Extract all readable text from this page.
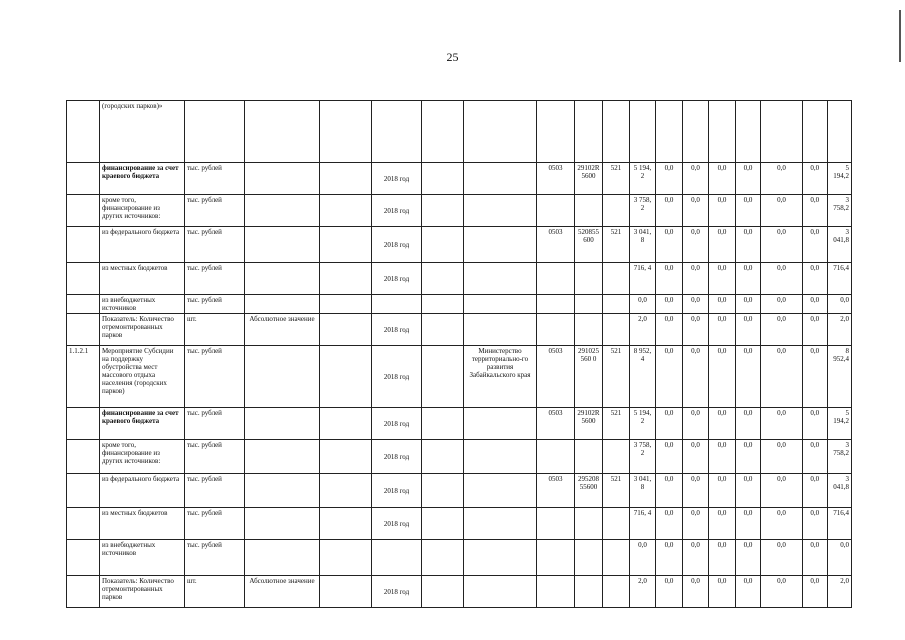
25
	(городских парков)»																	
	финансирование за счет краевого бюджета	тыс. рублей			2018 год			0503	29102R5600	521	5 194, 2	0,0	0,0	0,0	0,0	0,0	0,0	5 194,2
	кроме того, финансирование из других источников:	тыс. рублей			2018 год						3 758, 2	0,0	0,0	0,0	0,0	0,0	0,0	3 758,2
	из федерального бюджета	тыс. рублей			2018 год			0503	520855600	521	3 041, 8	0,0	0,0	0,0	0,0	0,0	0,0	3 041,8
	из местных бюджетов	тыс. рублей			2018 год						716, 4	0,0	0,0	0,0	0,0	0,0	0,0	716,4
	из внебюджетных источников	тыс. рублей									0,0	0,0	0,0	0,0	0,0	0,0	0,0	0,0
	Показатель: Количество отремонтированных парков	шт.	Абсолютное значение		2018 год						2,0	0,0	0,0	0,0	0,0	0,0	0,0	2,0
1.1.2.1	Мероприятие Субсидии на поддержку обустройства мест массового отдыха населения (городских парков)	тыс. рублей			2018 год		Министерство территориально-го развития Забайкальского края	0503	291025560 0	521	8 952, 4	0,0	0,0	0,0	0,0	0,0	0,0	8 952,4
	финансирование за счет краевого бюджета	тыс. рублей			2018 год			0503	29102R5600	521	5 194, 2	0,0	0,0	0,0	0,0	0,0	0,0	5 194,2
	кроме того, финансирование из других источников:	тыс. рублей			2018 год						3 758, 2	0,0	0,0	0,0	0,0	0,0	0,0	3 758,2
	из федерального бюджета	тыс. рублей			2018 год			0503	29520855600	521	3 041, 8	0,0	0,0	0,0	0,0	0,0	0,0	3 041,8
	из местных бюджетов	тыс. рублей			2018 год						716, 4	0,0	0,0	0,0	0,0	0,0	0,0	716,4
	из внебюджетных источников	тыс. рублей									0,0	0,0	0,0	0,0	0,0	0,0	0,0	0,0
	Показатель: Количество отремонтированных парков	шт.	Абсолютное значение		2018 год						2,0	0,0	0,0	0,0	0,0	0,0	0,0	2,0
